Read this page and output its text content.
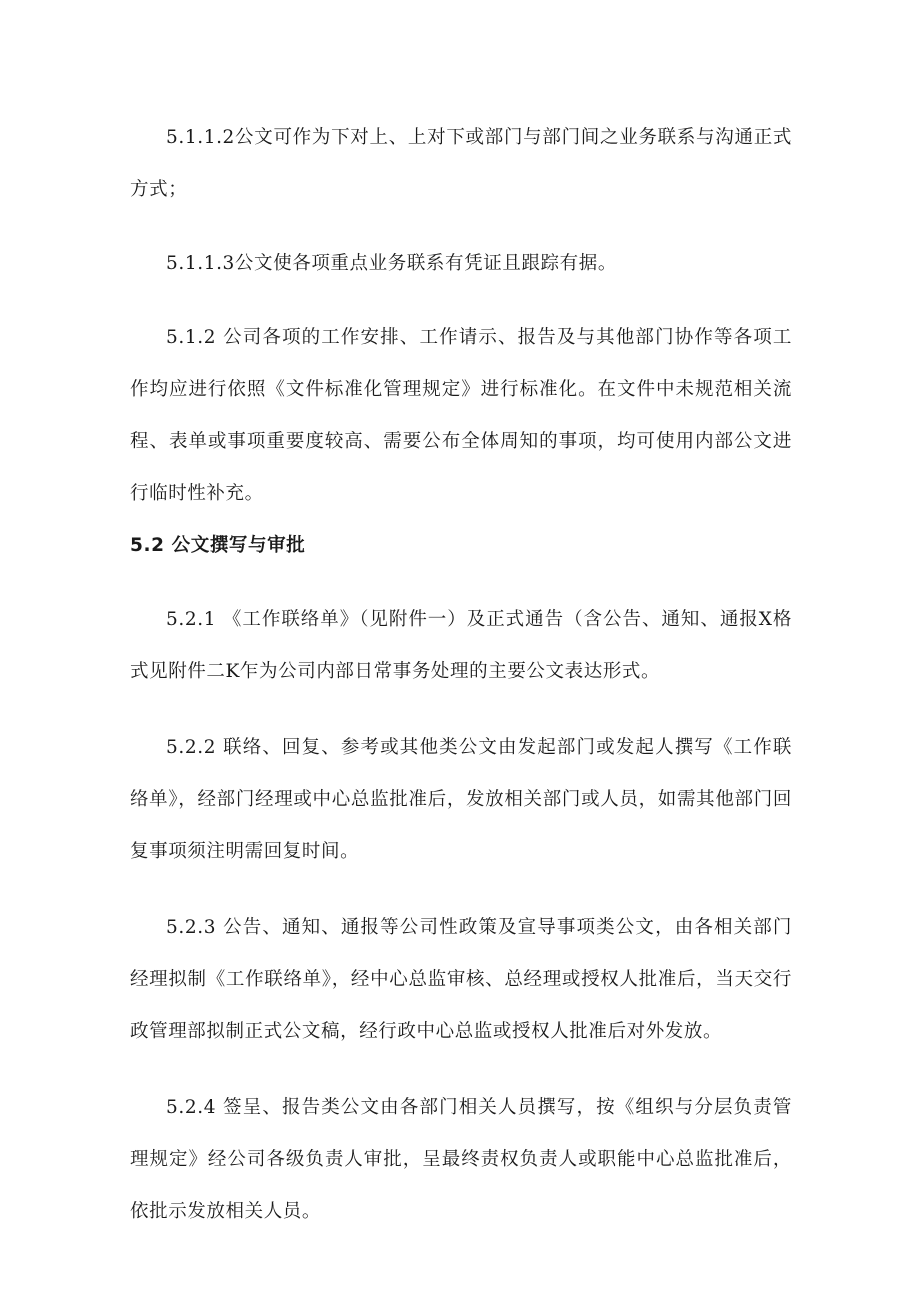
5.1.1.2公文可作为下对上、上对下或部门与部门间之业务联系与沟通正式方式；

5.1.1.3公文使各项重点业务联系有凭证且跟踪有据。

5.1.2 公司各项的工作安排、工作请示、报告及与其他部门协作等各项工作均应进行依照《文件标准化管理规定》进行标准化。在文件中未规范相关流程、表单或事项重要度较高、需要公布全体周知的事项，均可使用内部公文进行临时性补充。

5.2 公文撰写与审批

5.2.1 《工作联络单》（见附件一）及正式通告（含公告、通知、通报X格式见附件二K乍为公司内部日常事务处理的主要公文表达形式。

5.2.2 联络、回复、参考或其他类公文由发起部门或发起人撰写《工作联络单》，经部门经理或中心总监批准后，发放相关部门或人员，如需其他部门回复事项须注明需回复时间。

5.2.3 公告、通知、通报等公司性政策及宣导事项类公文，由各相关部门经理拟制《工作联络单》，经中心总监审核、总经理或授权人批准后，当天交行政管理部拟制正式公文稿，经行政中心总监或授权人批准后对外发放。

5.2.4 签呈、报告类公文由各部门相关人员撰写，按《组织与分层负责管理规定》经公司各级负责人审批，呈最终责权负责人或职能中心总监批准后，依批示发放相关人员。
